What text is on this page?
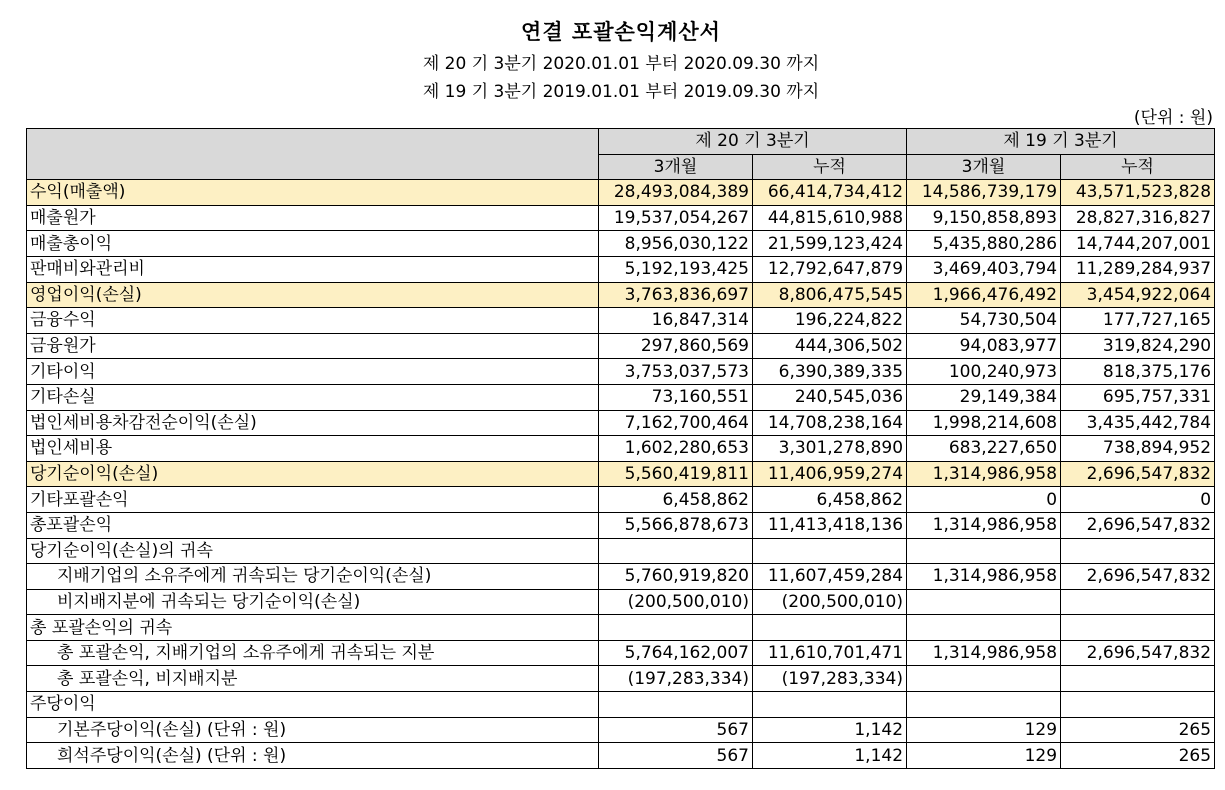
연결 포괄손익계산서
제 20 기 3분기 2020.01.01 부터 2020.09.30 까지
제 19 기 3분기 2019.01.01 부터 2019.09.30 까지
(단위 : 원)
	제 20 기 3분기		제 19 기 3분기	
	3개월	누적	3개월	누적
수익(매출액)	28,493,084,389	66,414,734,412	14,586,739,179	43,571,523,828
매출원가	19,537,054,267	44,815,610,988	9,150,858,893	28,827,316,827
매출총이익	8,956,030,122	21,599,123,424	5,435,880,286	14,744,207,001
판매비와관리비	5,192,193,425	12,792,647,879	3,469,403,794	11,289,284,937
영업이익(손실)	3,763,836,697	8,806,475,545	1,966,476,492	3,454,922,064
금융수익	16,847,314	196,224,822	54,730,504	177,727,165
금융원가	297,860,569	444,306,502	94,083,977	319,824,290
기타이익	3,753,037,573	6,390,389,335	100,240,973	818,375,176
기타손실	73,160,551	240,545,036	29,149,384	695,757,331
법인세비용차감전순이익(손실)	7,162,700,464	14,708,238,164	1,998,214,608	3,435,442,784
법인세비용	1,602,280,653	3,301,278,890	683,227,650	738,894,952
당기순이익(손실)	5,560,419,811	11,406,959,274	1,314,986,958	2,696,547,832
기타포괄손익	6,458,862	6,458,862	0	0
총포괄손익	5,566,878,673	11,413,418,136	1,314,986,958	2,696,547,832
당기순이익(손실)의 귀속				
지배기업의 소유주에게 귀속되는 당기순이익(손실)	5,760,919,820	11,607,459,284	1,314,986,958	2,696,547,832
비지배지분에 귀속되는 당기순이익(손실)	(200,500,010)	(200,500,010)		
총 포괄손익의 귀속				
총 포괄손익, 지배기업의 소유주에게 귀속되는 지분	5,764,162,007	11,610,701,471	1,314,986,958	2,696,547,832
총 포괄손익, 비지배지분	(197,283,334)	(197,283,334)		
주당이익				
기본주당이익(손실) (단위 : 원)	567	1,142	129	265
희석주당이익(손실) (단위 : 원)	567	1,142	129	265
